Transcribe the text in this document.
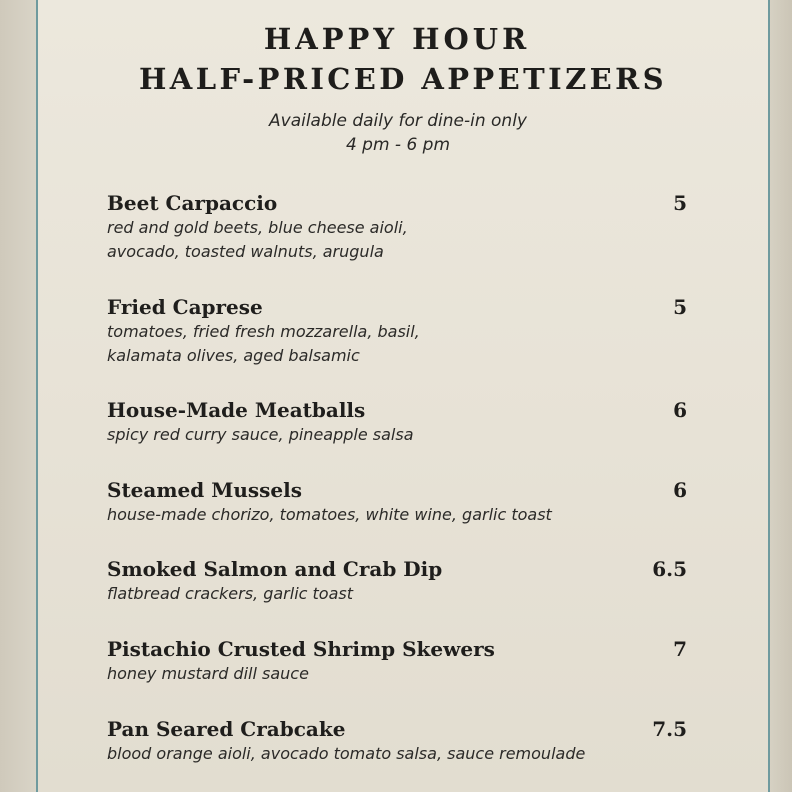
HAPPY HOUR
HALF-PRICED APPETIZERS
Available daily for dine-in only
4 pm - 6 pm
Beet Carpaccio	5
red and gold beets, blue cheese aioli,
avocado, toasted walnuts, arugula
Fried Caprese	5
tomatoes, fried fresh mozzarella, basil,
kalamata olives, aged balsamic
House-Made Meatballs	6
spicy red curry sauce, pineapple salsa
Steamed Mussels	6
house-made chorizo, tomatoes, white wine, garlic toast
Smoked Salmon and Crab Dip	6.5
flatbread crackers, garlic toast
Pistachio Crusted Shrimp Skewers	7
honey mustard dill sauce
Pan Seared Crabcake	7.5
blood orange aioli, avocado tomato salsa, sauce remoulade
